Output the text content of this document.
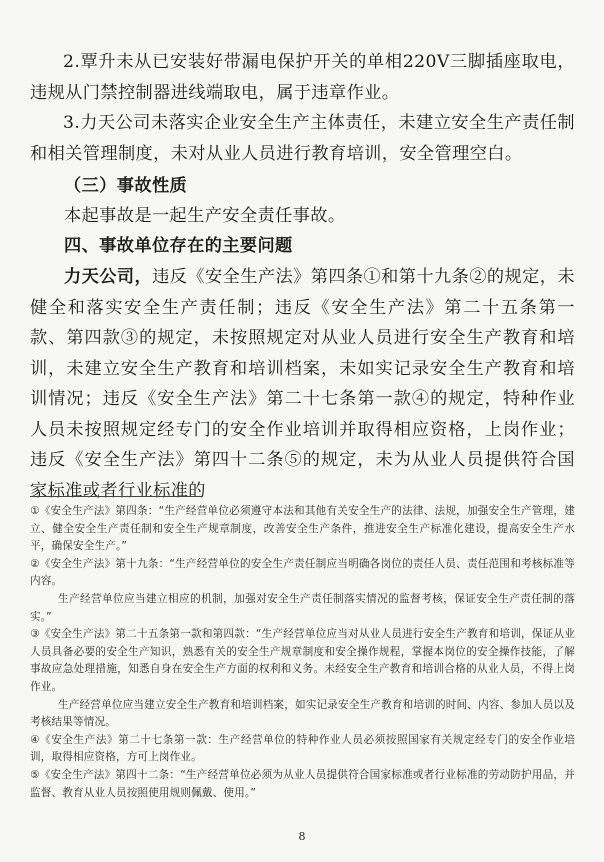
2.覃升未从已安装好带漏电保护开关的单相220V三脚插座取电，违规从门禁控制器进线端取电，属于违章作业。

3.力天公司未落实企业安全生产主体责任，未建立安全生产责任制和相关管理制度，未对从业人员进行教育培训，安全管理空白。

（三）事故性质

本起事故是一起生产安全责任事故。

四、事故单位存在的主要问题

力天公司，违反《安全生产法》第四条①和第十九条②的规定，未健全和落实安全生产责任制；违反《安全生产法》第二十五条第一款、第四款③的规定，未按照规定对从业人员进行安全生产教育和培训，未建立安全生产教育和培训档案，未如实记录安全生产教育和培训情况；违反《安全生产法》第二十七条第一款④的规定，特种作业人员未按照规定经专门的安全作业培训并取得相应资格，上岗作业；违反《安全生产法》第四十二条⑤的规定，未为从业人员提供符合国家标准或者行业标准的

①《安全生产法》第四条：“生产经营单位必须遵守本法和其他有关安全生产的法律、法规，加强安全生产管理，建立、健全安全生产责任制和安全生产规章制度，改善安全生产条件，推进安全生产标准化建设，提高安全生产水平，确保安全生产。”

②《安全生产法》第十九条：“生产经营单位的安全生产责任制应当明确各岗位的责任人员、责任范围和考核标准等内容。

生产经营单位应当建立相应的机制，加强对安全生产责任制落实情况的监督考核，保证安全生产责任制的落实。”

③《安全生产法》第二十五条第一款和第四款：“生产经营单位应当对从业人员进行安全生产教育和培训，保证从业人员具备必要的安全生产知识，熟悉有关的安全生产规章制度和安全操作规程，掌握本岗位的安全操作技能，了解事故应急处理措施，知悉自身在安全生产方面的权利和义务。未经安全生产教育和培训合格的从业人员，不得上岗作业。

生产经营单位应当建立安全生产教育和培训档案，如实记录安全生产教育和培训的时间、内容、参加人员以及考核结果等情况。

④《安全生产法》第二十七条第一款：生产经营单位的特种作业人员必须按照国家有关规定经专门的安全作业培训，取得相应资格，方可上岗作业。

⑤《安全生产法》第四十二条：“生产经营单位必须为从业人员提供符合国家标准或者行业标准的劳动防护用品，并监督、教育从业人员按照使用规则佩戴、使用。”

8
